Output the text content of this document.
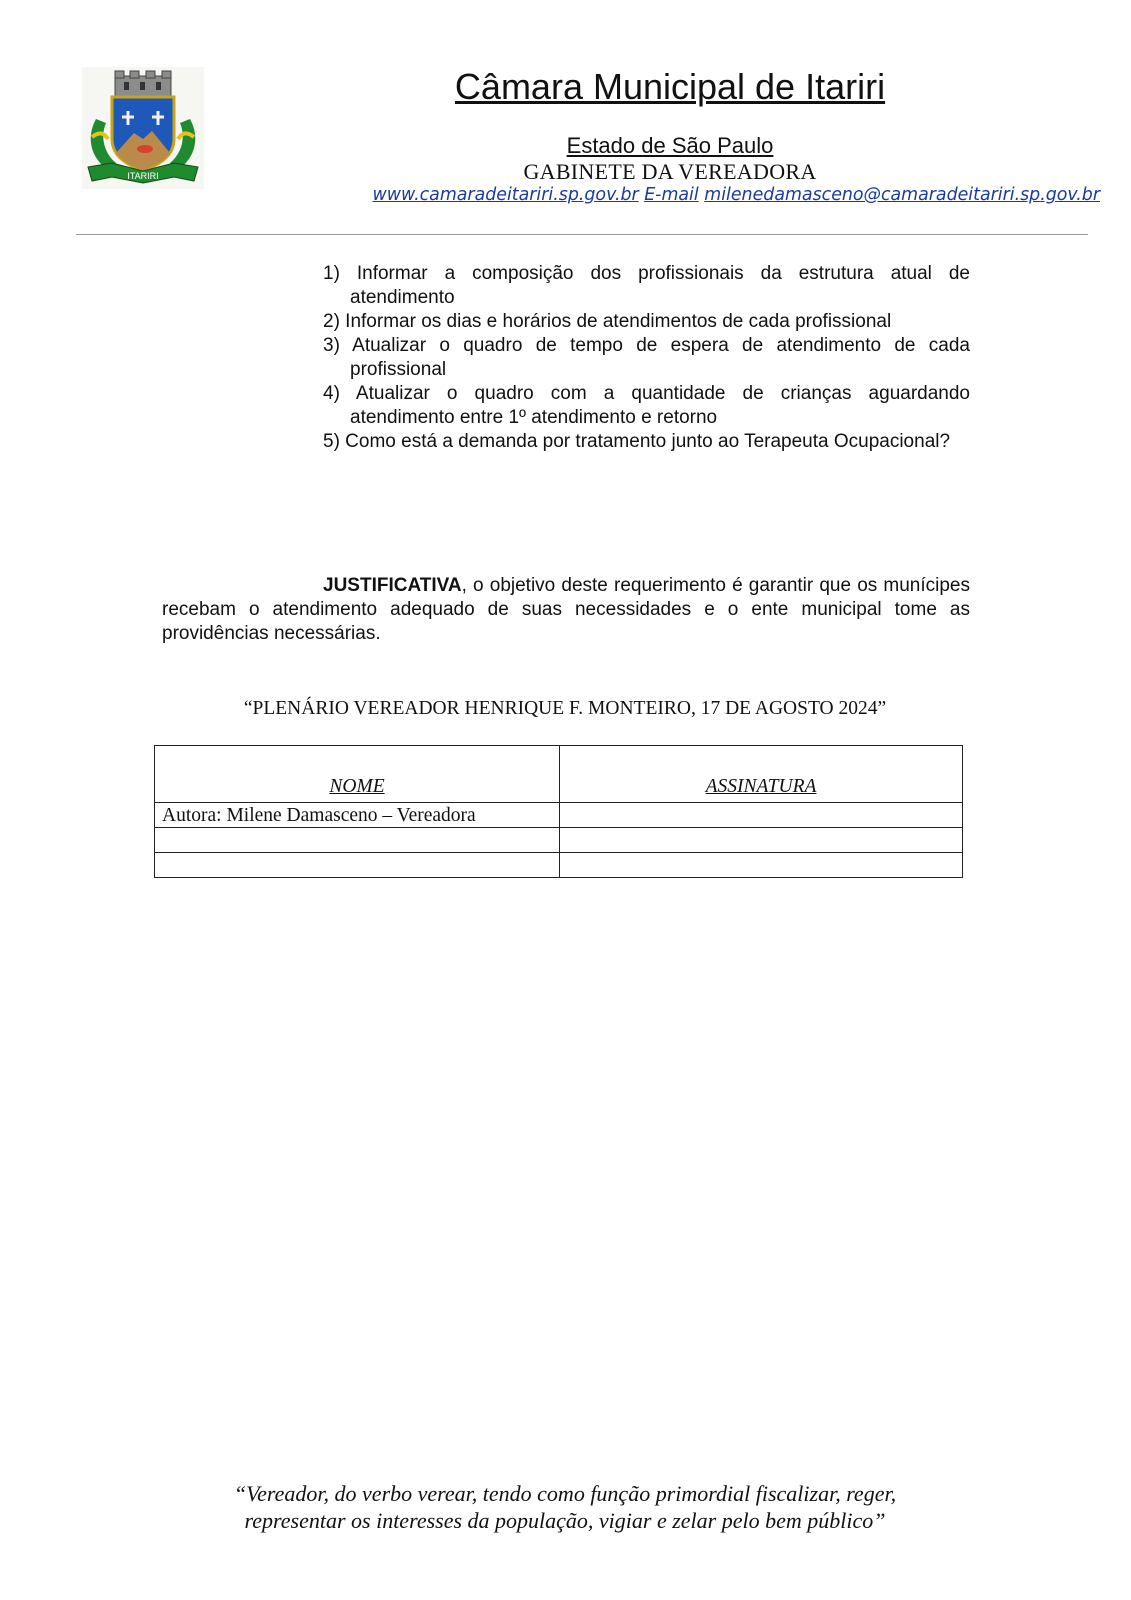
ITARIRI
Câmara Municipal de Itariri
Estado de São Paulo
GABINETE DA VEREADORA
www.camaradeitariri.sp.gov.br E-mail milenedamasceno@camaradeitariri.sp.gov.br
1) Informar a composição dos profissionais da estrutura atual de atendimento
2) Informar os dias e horários de atendimentos de cada profissional
3) Atualizar o quadro de tempo de espera de atendimento de cada profissional
4) Atualizar o quadro com a quantidade de crianças aguardando atendimento entre 1º atendimento e retorno
5) Como está a demanda por tratamento junto ao Terapeuta Ocupacional?

JUSTIFICATIVA, o objetivo deste requerimento é garantir que os munícipes recebam o atendimento adequado de suas necessidades e o ente municipal tome as providências necessárias.

“PLENÁRIO VEREADOR HENRIQUE F. MONTEIRO, 17 DE AGOSTO 2024”
NOME	ASSINATURA
Autora: Milene Damasceno – Vereadora	

“Vereador, do verbo verear, tendo como função primordial fiscalizar, reger,
representar os interesses da população, vigiar e zelar pelo bem público”
